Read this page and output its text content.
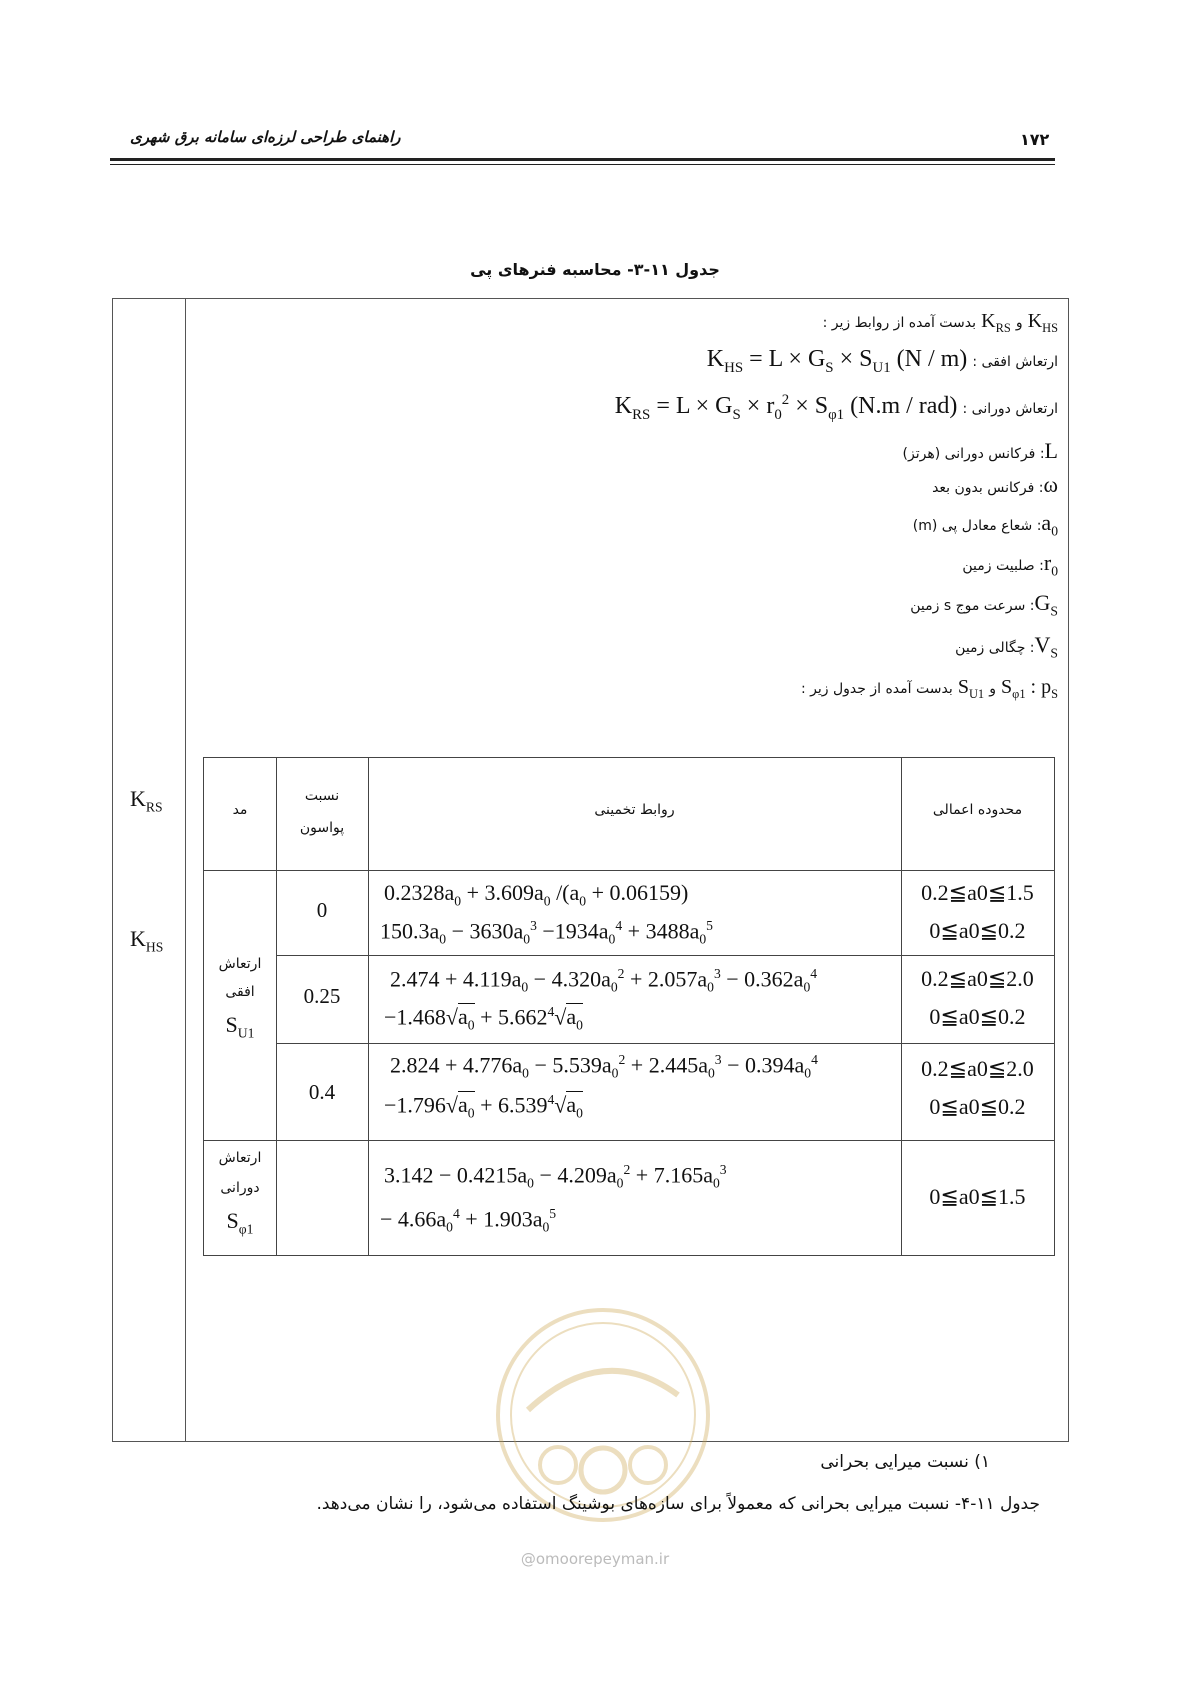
راهنمای طراحی لرزه‌ای سامانه برق شهری	۱۷۲
جدول ۱۱-۳- محاسبه فنرهای پی
$K_{RS}$
$K_{HS}$
بدست آمده از روابط زیر : $K_{RS}$ و $K_{HS}$
$K_{HS} = L \times G_S \times S_{U1}$ (N / m) ارتعاش افقی :
$K_{RS} = L \times G_S \times r_0^2 \times S_{\varphi 1}$ (N.m / rad) ارتعاش دورانی :
: فرکانس دورانی (هرتز)L
: فرکانس بدون بعدω
: شعاع معادل پی $(m)a_0$
: صلبیت زمینr$_0$
: سرعت موج s زمینG$_S$
: چگالی زمینV$_S$
بدست آمده از جدول زیر : $S_{U1}$ و $S_{\varphi 1}$ : $p_S$
مد
نسبت
پواسون
روابط تخمینی	محدوده اعمالی
ارتعاش
افقی
$S_{U1}$
ارتعاش
دورانی
$S_{\varphi 1}$
0
0.25
0.4
$0.2328a_0 + 3.609a_0$ $/(a_0 + 0.06159)$
$150.3a_0 - 3630a_0^3 -1934a_0^4 + 3488a_0^5$
$2.474 + 4.119a_0 - 4.320a_0^2 + 2.057a_0^3 - 0.362a_0^4$
$-1.468√a_0 + 5.662^4√a_0$
$2.824 + 4.776a_0 - 5.539a_0^2 + 2.445a_0^3 - 0.394a_0^4$
$-1.796√a_0 + 6.539^4√a_0$
$3.142 - 0.4215a_0 - 4.209a_0^2 + 7.165a_0^3$
− $4.66a_0^4 + 1.903a_0^5$
0.2≦a0≦1.5
0≦a0≦0.2
0.2≦a0≦2.0
0≦a0≦0.2
0.2≦a0≦2.0
0≦a0≦0.2
0≦a0≦1.5
@omoorepeyman.ir
۱) نسبت میرایی بحرانی
جدول ۱۱-۴- نسبت میرایی بحرانی که معمولاً برای سازه‌های بوشینگ استفاده می‌شود، را نشان می‌دهد.
